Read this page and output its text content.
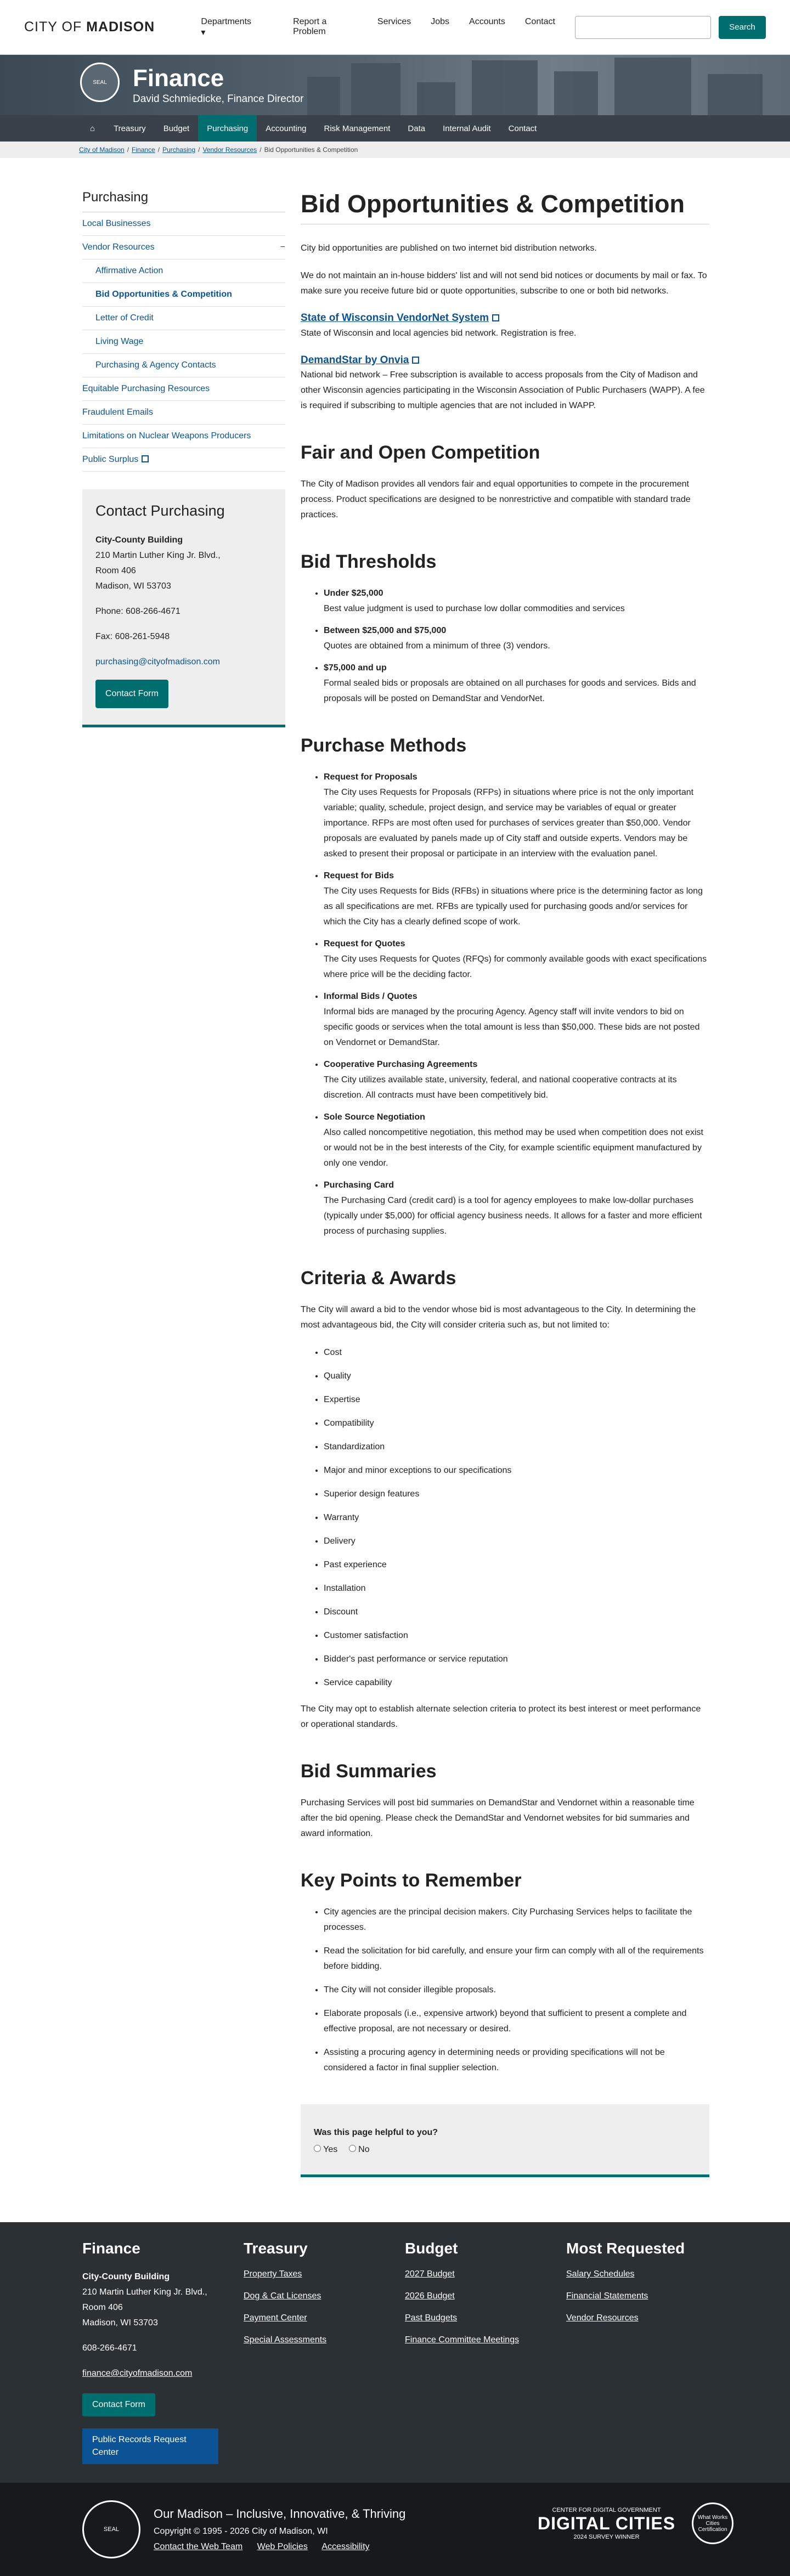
CITY OF MADISON	Departments ▾
Report a Problem
Services Jobs Accounts Contact
Search
SEAL	Finance
David Schmiedicke, Finance Director
⌂	Treasury	Budget	Purchasing	Accounting	Risk Management	Data	Internal Audit	Contact
City of Madison / Finance / Purchasing / Vendor Resources / Bid Opportunities & Competition
Purchasing
Local Businesses
Vendor Resources	−
Affirmative Action
Bid Opportunities & Competition
Letter of Credit
Living Wage
Purchasing & Agency Contacts
Equitable Purchasing Resources
Fraudulent Emails
Limitations on Nuclear Weapons Producers
Public Surplus
Contact Purchasing

City-County Building

210 Martin Luther King Jr. Blvd.,

Room 406

Madison, WI 53703

Phone: 608-266-4671

Fax: 608-261-5948

purchasing@cityofmadison.com

Contact Form

Bid Opportunities & Competition

City bid opportunities are published on two internet bid distribution networks.

We do not maintain an in-house bidders' list and will not send bid notices or documents by mail or fax. To make sure you receive future bid or quote opportunities, subscribe to one or both bid networks.

State of Wisconsin VendorNet System

State of Wisconsin and local agencies bid network. Registration is free.

DemandStar by Onvia

National bid network – Free subscription is available to access proposals from the City of Madison and other Wisconsin agencies participating in the Wisconsin Association of Public Purchasers (WAPP). A fee is required if subscribing to multiple agencies that are not included in WAPP.

Fair and Open Competition

The City of Madison provides all vendors fair and equal opportunities to compete in the procurement process. Product specifications are designed to be nonrestrictive and compatible with standard trade practices.

Bid Thresholds
• Under $25,000
Best value judgment is used to purchase low dollar commodities and services
• Between $25,000 and $75,000
Quotes are obtained from a minimum of three (3) vendors.
• $75,000 and up
Formal sealed bids or proposals are obtained on all purchases for goods and services. Bids and proposals will be posted on DemandStar and VendorNet.
Purchase Methods
• Request for Proposals
The City uses Requests for Proposals (RFPs) in situations where price is not the only important variable; quality, schedule, project design, and service may be variables of equal or greater importance. RFPs are most often used for purchases of services greater than $50,000. Vendor proposals are evaluated by panels made up of City staff and outside experts. Vendors may be asked to present their proposal or participate in an interview with the evaluation panel.
• Request for Bids
The City uses Requests for Bids (RFBs) in situations where price is the determining factor as long as all specifications are met. RFBs are typically used for purchasing goods and/or services for which the City has a clearly defined scope of work.
• Request for Quotes
The City uses Requests for Quotes (RFQs) for commonly available goods with exact specifications where price will be the deciding factor.
• Informal Bids / Quotes
Informal bids are managed by the procuring Agency. Agency staff will invite vendors to bid on specific goods or services when the total amount is less than $50,000. These bids are not posted on Vendornet or DemandStar.
• Cooperative Purchasing Agreements
The City utilizes available state, university, federal, and national cooperative contracts at its discretion. All contracts must have been competitively bid.
• Sole Source Negotiation
Also called noncompetitive negotiation, this method may be used when competition does not exist or would not be in the best interests of the City, for example scientific equipment manufactured by only one vendor.
• Purchasing Card
The Purchasing Card (credit card) is a tool for agency employees to make low-dollar purchases (typically under $5,000) for official agency business needs. It allows for a faster and more efficient process of purchasing supplies.
Criteria & Awards

The City will award a bid to the vendor whose bid is most advantageous to the City. In determining the most advantageous bid, the City will consider criteria such as, but not limited to:

• Cost
• Quality
• Expertise
• Compatibility
• Standardization
• Major and minor exceptions to our specifications
• Superior design features
• Warranty
• Delivery
• Past experience
• Installation
• Discount
• Customer satisfaction
• Bidder's past performance or service reputation
• Service capability

The City may opt to establish alternate selection criteria to protect its best interest or meet performance or operational standards.

Bid Summaries

Purchasing Services will post bid summaries on DemandStar and Vendornet within a reasonable time after the bid opening. Please check the DemandStar and Vendornet websites for bid summaries and award information.

Key Points to Remember
• City agencies are the principal decision makers. City Purchasing Services helps to facilitate the processes.
• Read the solicitation for bid carefully, and ensure your firm can comply with all of the requirements before bidding.
• The City will not consider illegible proposals.
• Elaborate proposals (i.e., expensive artwork) beyond that sufficient to present a complete and effective proposal, are not necessary or desired.
• Assisting a procuring agency in determining needs or providing specifications will not be considered a factor in final supplier selection.

Was this page helpful to you?

Yes No
Finance

City-County Building

210 Martin Luther King Jr. Blvd.,

Room 406

Madison, WI 53703

608-266-4671

finance@cityofmadison.com

Contact Form
Public Records Request Center
Treasury
Property Taxes
Dog & Cat Licenses
Payment Center
Special Assessments
Budget
2027 Budget
2026 Budget
Past Budgets
Finance Committee Meetings
Most Requested
Salary Schedules
Financial Statements
Vendor Resources
SEAL
Our Madison – Inclusive, Innovative, & Thriving
Copyright © 1995 - 2026 City of Madison, WI
Contact the Web Team Web Policies Accessibility
CENTER FOR DIGITAL GOVERNMENT
DIGITAL CITIES
2024 SURVEY WINNER
What Works Cities Certification
